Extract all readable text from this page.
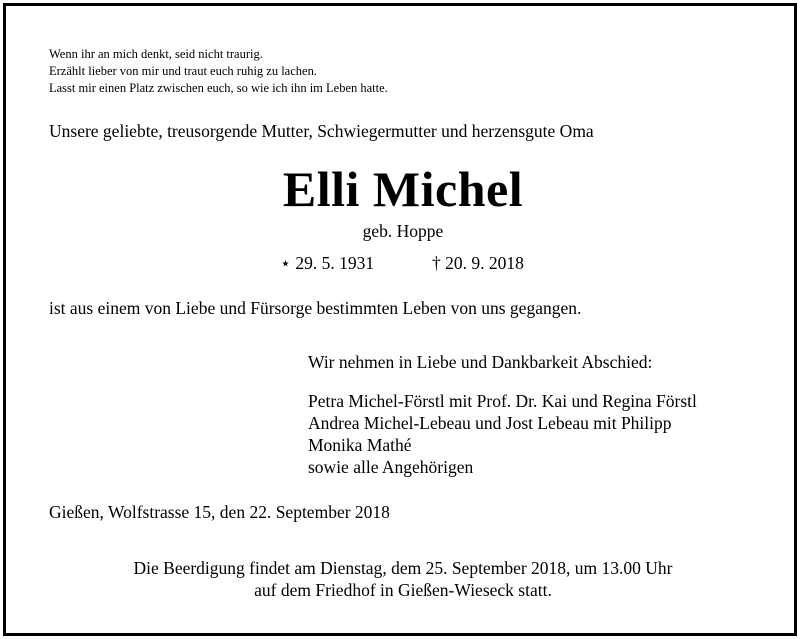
Wenn ihr an mich denkt, seid nicht traurig.
Erzählt lieber von mir und traut euch ruhig zu lachen.
Lasst mir einen Platz zwischen euch, so wie ich ihn im Leben hatte.
Unsere geliebte, treusorgende Mutter, Schwiegermutter und herzensgute Oma
Elli Michel
geb. Hoppe
⋆ 29. 5. 1931	† 20. 9. 2018
ist aus einem von Liebe und Fürsorge bestimmten Leben von uns gegangen.
Wir nehmen in Liebe und Dankbarkeit Abschied:
Petra Michel-Förstl mit Prof. Dr. Kai und Regina Förstl
Andrea Michel-Lebeau und Jost Lebeau mit Philipp
Monika Mathé
sowie alle Angehörigen
Gießen, Wolfstrasse 15, den 22. September 2018
Die Beerdigung findet am Dienstag, dem 25. September 2018, um 13.00 Uhr
auf dem Friedhof in Gießen-Wieseck statt.
